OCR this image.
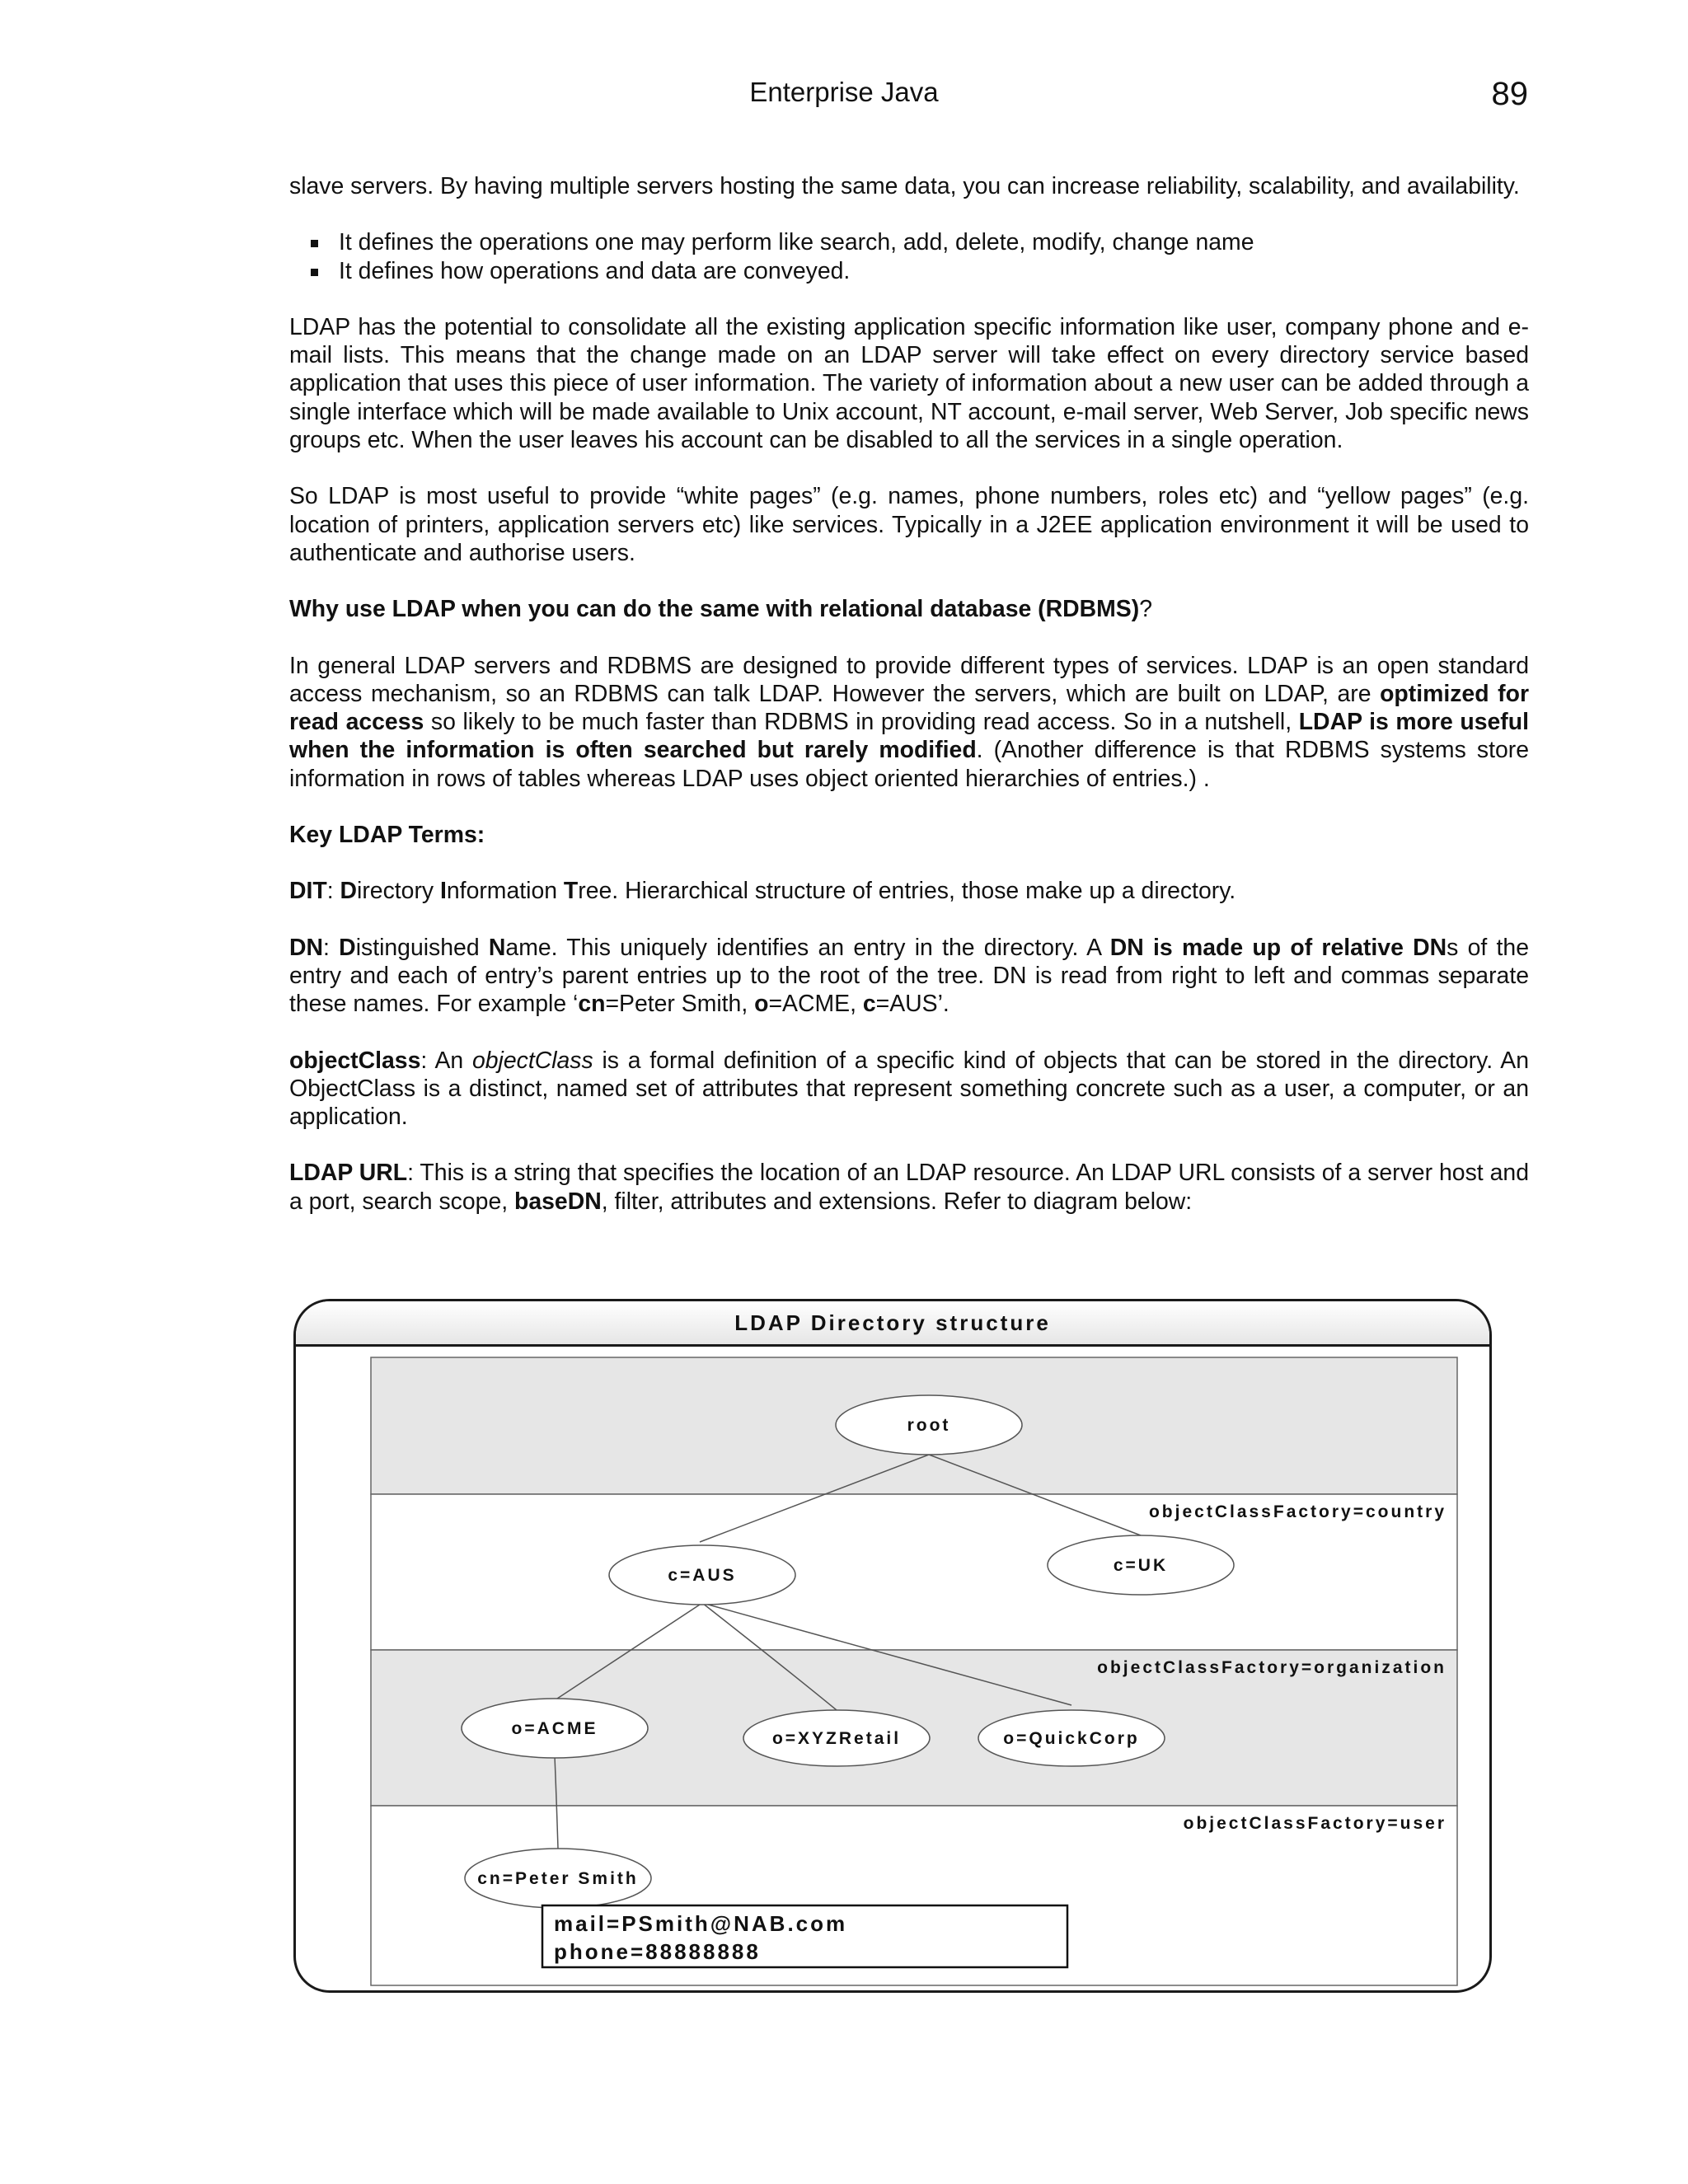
Enterprise Java	89

slave servers. By having multiple servers hosting the same data, you can increase reliability, scalability, and availability.

It defines the operations one may perform like search, add, delete, modify, change name
It defines how operations and data are conveyed.

LDAP has the potential to consolidate all the existing application specific information like user, company phone and e-mail lists. This means that the change made on an LDAP server will take effect on every directory service based application that uses this piece of user information. The variety of information about a new user can be added through a single interface which will be made available to Unix account, NT account, e-mail server, Web Server, Job specific news groups etc. When the user leaves his account can be disabled to all the services in a single operation.

So LDAP is most useful to provide “white pages” (e.g. names, phone numbers, roles etc) and “yellow pages” (e.g. location of printers, application servers etc) like services. Typically in a J2EE application environment it will be used to authenticate and authorise users.

Why use LDAP when you can do the same with relational database (RDBMS)?

In general LDAP servers and RDBMS are designed to provide different types of services. LDAP is an open standard access mechanism, so an RDBMS can talk LDAP. However the servers, which are built on LDAP, are optimized for read access so likely to be much faster than RDBMS in providing read access. So in a nutshell, LDAP is more useful when the information is often searched but rarely modified. (Another difference is that RDBMS systems store information in rows of tables whereas LDAP uses object oriented hierarchies of entries.) .

Key LDAP Terms:

DIT: Directory Information Tree. Hierarchical structure of entries, those make up a directory.

DN: Distinguished Name. This uniquely identifies an entry in the directory. A DN is made up of relative DNs of the entry and each of entry’s parent entries up to the root of the tree. DN is read from right to left and commas separate these names. For example ‘cn=Peter Smith, o=ACME, c=AUS’.

objectClass: An objectClass is a formal definition of a specific kind of objects that can be stored in the directory. An ObjectClass is a distinct, named set of attributes that represent something concrete such as a user, a computer, or an application.

LDAP URL: This is a string that specifies the location of an LDAP resource. An LDAP URL consists of a server host and a port, search scope, baseDN, filter, attributes and extensions. Refer to diagram below:

LDAP Directory structure
objectClassFactory=country
objectClassFactory=organization
objectClassFactory=user
root
c=AUS
c=UK
o=ACME
o=XYZRetail	o=QuickCorp
cn=Peter Smith
mail=PSmith@NAB.com
phone=88888888
